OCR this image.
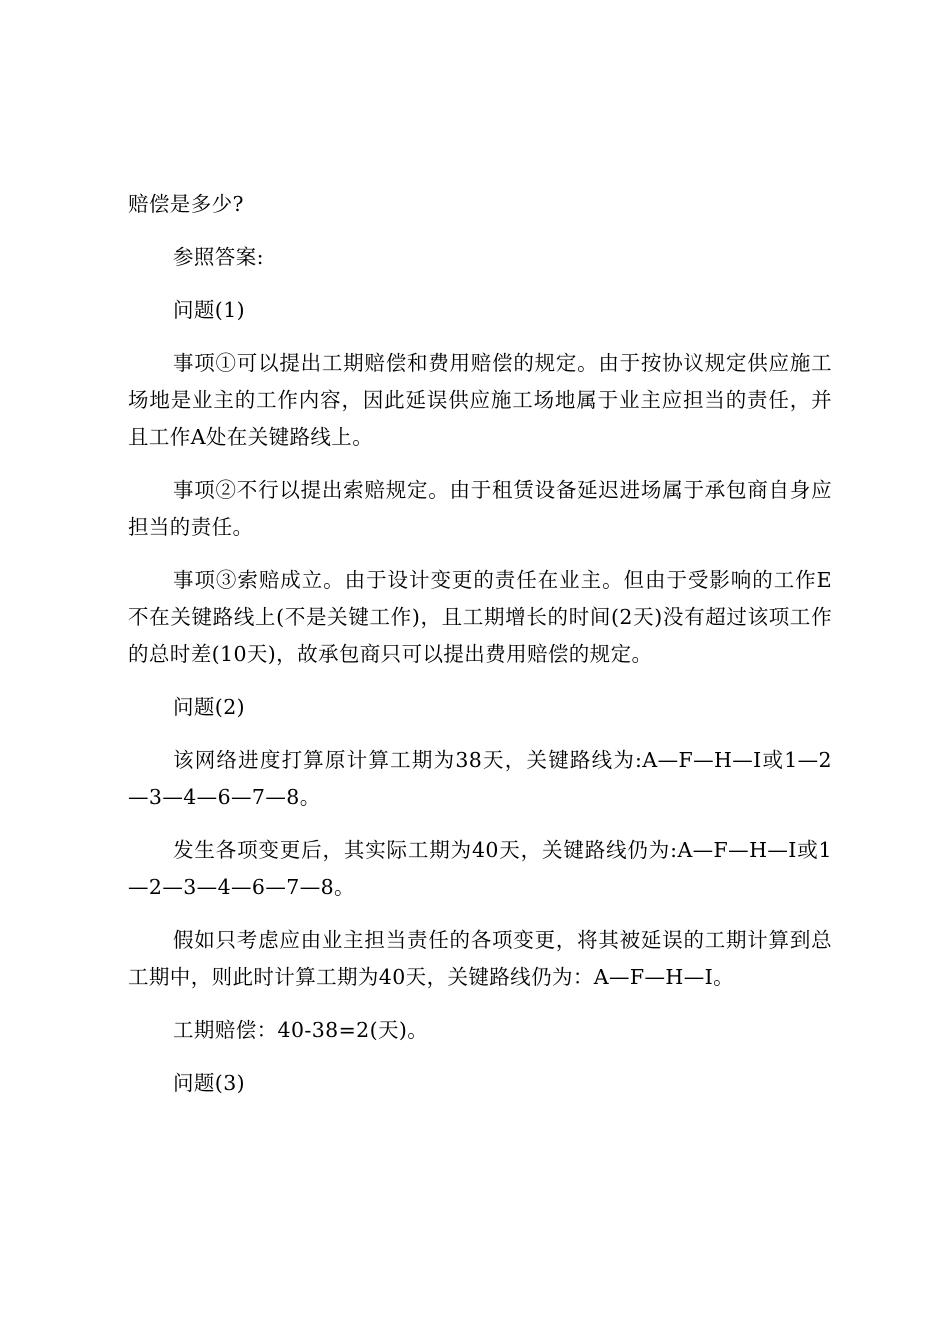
赔偿是多少?

参照答案:

问题(1)

事项①可以提出工期赔偿和费用赔偿的规定。由于按协议规定供应施工场地是业主的工作内容，因此延误供应施工场地属于业主应担当的责任，并且工作A处在关键路线上。

事项②不行以提出索赔规定。由于租赁设备延迟进场属于承包商自身应担当的责任。

事项③索赔成立。由于设计变更的责任在业主。但由于受影响的工作E不在关键路线上(不是关键工作)，且工期增长的时间(2天)没有超过该项工作的总时差(10天)，故承包商只可以提出费用赔偿的规定。

问题(2)

该网络进度打算原计算工期为38天，关键路线为:A—F—H—I或1—2—3—4—6—7—8。

发生各项变更后，其实际工期为40天，关键路线仍为:A—F—H—I或1—2—3—4—6—7—8。

假如只考虑应由业主担当责任的各项变更，将其被延误的工期计算到总工期中，则此时计算工期为40天，关键路线仍为：A—F—H—I。

工期赔偿：40-38=2(天)。

问题(3)
